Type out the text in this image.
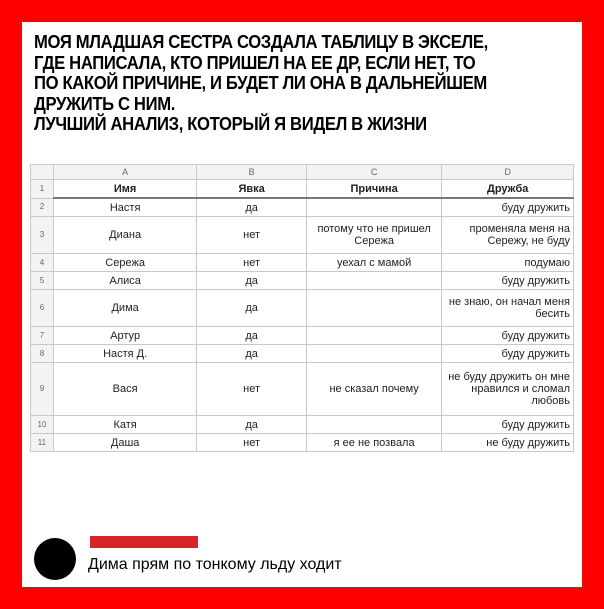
МОЯ МЛАДШАЯ СЕСТРА СОЗДАЛА ТАБЛИЦУ В ЭКСЕЛЕ,
ГДЕ НАПИСАЛА, КТО ПРИШЕЛ НА ЕЕ ДР, ЕСЛИ НЕТ, ТО
ПО КАКОЙ ПРИЧИНЕ, И БУДЕТ ЛИ ОНА В ДАЛЬНЕЙШЕМ
ДРУЖИТЬ С НИМ.
ЛУЧШИЙ АНАЛИЗ, КОТОРЫЙ Я ВИДЕЛ В ЖИЗНИ
	A	B	C	D
1	Имя	Явка	Причина	Дружба
2	Настя	да		буду дружить
3	Диана	нет	потому что не пришел Сережа	променяла меня на Сережу, не буду
4	Сережа	нет	уехал с мамой	подумаю
5	Алиса	да		буду дружить
6	Дима	да		не знаю, он начал меня бесить
7	Артур	да		буду дружить
8	Настя Д.	да		буду дружить
9	Вася	нет	не сказал почему	не буду дружить он мне нравился и сломал любовь
10	Катя	да		буду дружить
11	Даша	нет	я ее не позвала	не буду дружить
Дима прям по тонкому льду ходит
